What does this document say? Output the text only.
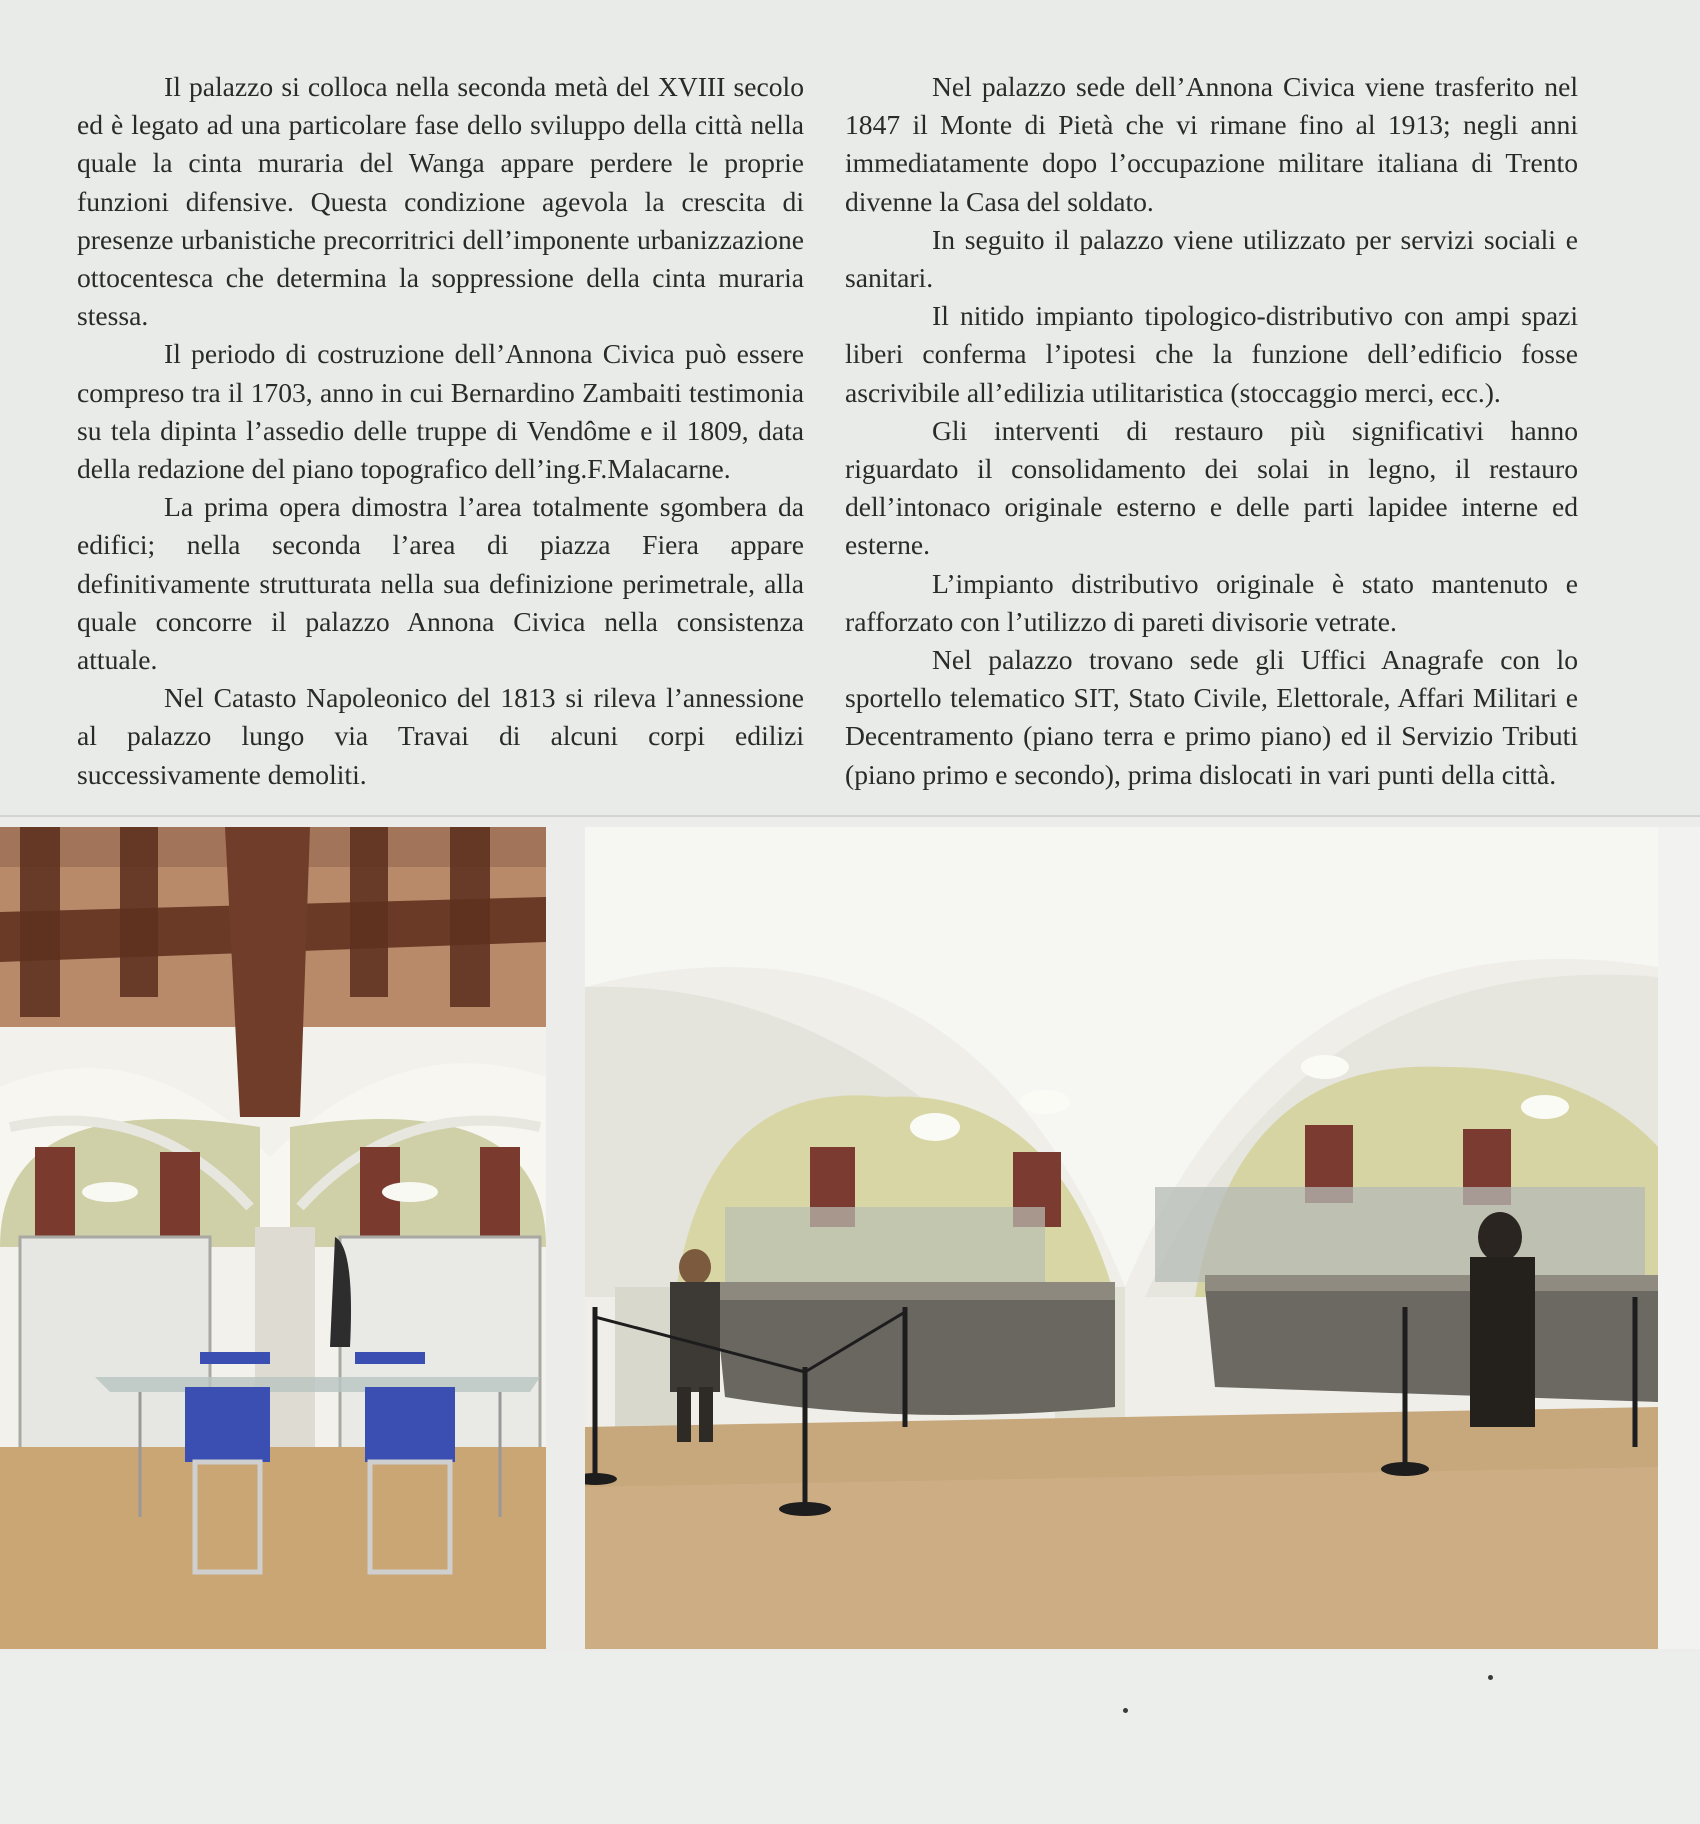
Il palazzo si colloca nella seconda metà del XVIII secolo ed è legato ad una particolare fase dello sviluppo della città nella quale la cinta muraria del Wanga appare perdere le proprie funzioni difensive. Questa condizione agevola la crescita di presenze urbanistiche precorritrici dell’imponente urbanizzazione ottocentesca che determina la soppressione della cinta muraria stessa.

Il periodo di costruzione dell’Annona Civica può essere compreso tra il 1703, anno in cui Bernardino Zambaiti testimonia su tela dipinta l’assedio delle truppe di Vendôme e il 1809, data della redazione del piano topografico dell’ing.F.Malacarne.

La prima opera dimostra l’area totalmente sgombera da edifici; nella seconda l’area di piazza Fiera appare definitivamente strutturata nella sua definizione perimetrale, alla quale concorre il palazzo Annona Civica nella consistenza attuale.

Nel Catasto Napoleonico del 1813 si rileva l’annessione al palazzo lungo via Travai di alcuni corpi edilizi successivamente demoliti.

Nel palazzo sede dell’Annona Civica viene trasferito nel 1847 il Monte di Pietà che vi rimane fino al 1913; negli anni immediatamente dopo l’occupazione militare italiana di Trento divenne la Casa del soldato.

In seguito il palazzo viene utilizzato per servizi sociali e sanitari.

Il nitido impianto tipologico-distributivo con ampi spazi liberi conferma l’ipotesi che la funzione dell’edificio fosse ascrivibile all’edilizia utilitaristica (stoccaggio merci, ecc.).

Gli interventi di restauro più significativi hanno riguardato il consolidamento dei solai in legno, il restauro dell’intonaco originale esterno e delle parti lapidee interne ed esterne.

L’impianto distributivo originale è stato mantenuto e rafforzato con l’utilizzo di pareti divisorie vetrate.

Nel palazzo trovano sede gli Uffici Anagrafe con lo sportello telematico SIT, Stato Civile, Elettorale, Affari Militari e Decentramento (piano terra e primo piano) ed il Servizio Tributi (piano primo e secondo), prima dislocati in vari punti della città.
